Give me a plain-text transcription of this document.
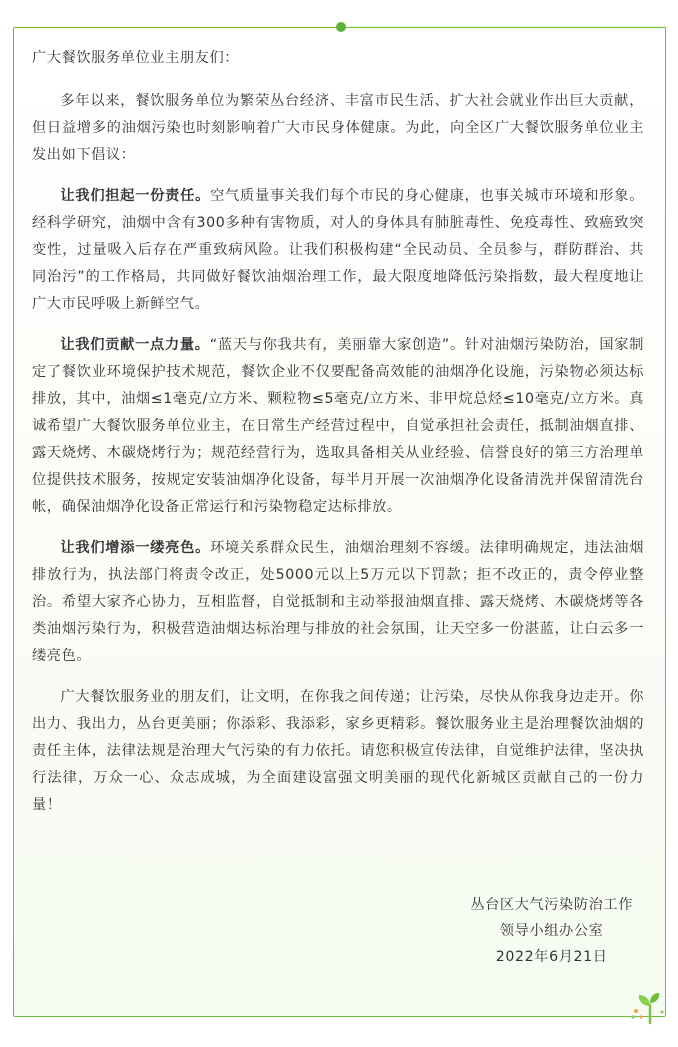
广大餐饮服务单位业主朋友们：

多年以来，餐饮服务单位为繁荣丛台经济、丰富市民生活、扩大社会就业作出巨大贡献，但日益增多的油烟污染也时刻影响着广大市民身体健康。为此，向全区广大餐饮服务单位业主发出如下倡议：

让我们担起一份责任。空气质量事关我们每个市民的身心健康，也事关城市环境和形象。经科学研究，油烟中含有300多种有害物质，对人的身体具有肺脏毒性、免疫毒性、致癌致突变性，过量吸入后存在严重致病风险。让我们积极构建“全民动员、全员参与，群防群治、共同治污”的工作格局，共同做好餐饮油烟治理工作，最大限度地降低污染指数，最大程度地让广大市民呼吸上新鲜空气。

让我们贡献一点力量。“蓝天与你我共有，美丽靠大家创造”。针对油烟污染防治，国家制定了餐饮业环境保护技术规范，餐饮企业不仅要配备高效能的油烟净化设施，污染物必须达标排放，其中，油烟≤1毫克/立方米、颗粒物≤5毫克/立方米、非甲烷总烃≤10毫克/立方米。真诚希望广大餐饮服务单位业主，在日常生产经营过程中，自觉承担社会责任，抵制油烟直排、露天烧烤、木碳烧烤行为；规范经营行为，选取具备相关从业经验、信誉良好的第三方治理单位提供技术服务，按规定安装油烟净化设备，每半月开展一次油烟净化设备清洗并保留清洗台帐，确保油烟净化设备正常运行和污染物稳定达标排放。

让我们增添一缕亮色。环境关系群众民生，油烟治理刻不容缓。法律明确规定，违法油烟排放行为，执法部门将责令改正，处5000元以上5万元以下罚款；拒不改正的，责令停业整治。希望大家齐心协力，互相监督，自觉抵制和主动举报油烟直排、露天烧烤、木碳烧烤等各类油烟污染行为，积极营造油烟达标治理与排放的社会氛围，让天空多一份湛蓝，让白云多一缕亮色。

广大餐饮服务业的朋友们，让文明，在你我之间传递；让污染，尽快从你我身边走开。你出力、我出力，丛台更美丽；你添彩、我添彩，家乡更精彩。餐饮服务业主是治理餐饮油烟的责任主体，法律法规是治理大气污染的有力依托。请您积极宣传法律，自觉维护法律，坚决执行法律，万众一心、众志成城，为全面建设富强文明美丽的现代化新城区贡献自己的一份力量！

丛台区大气污染防治工作
领导小组办公室
2022年6月21日
